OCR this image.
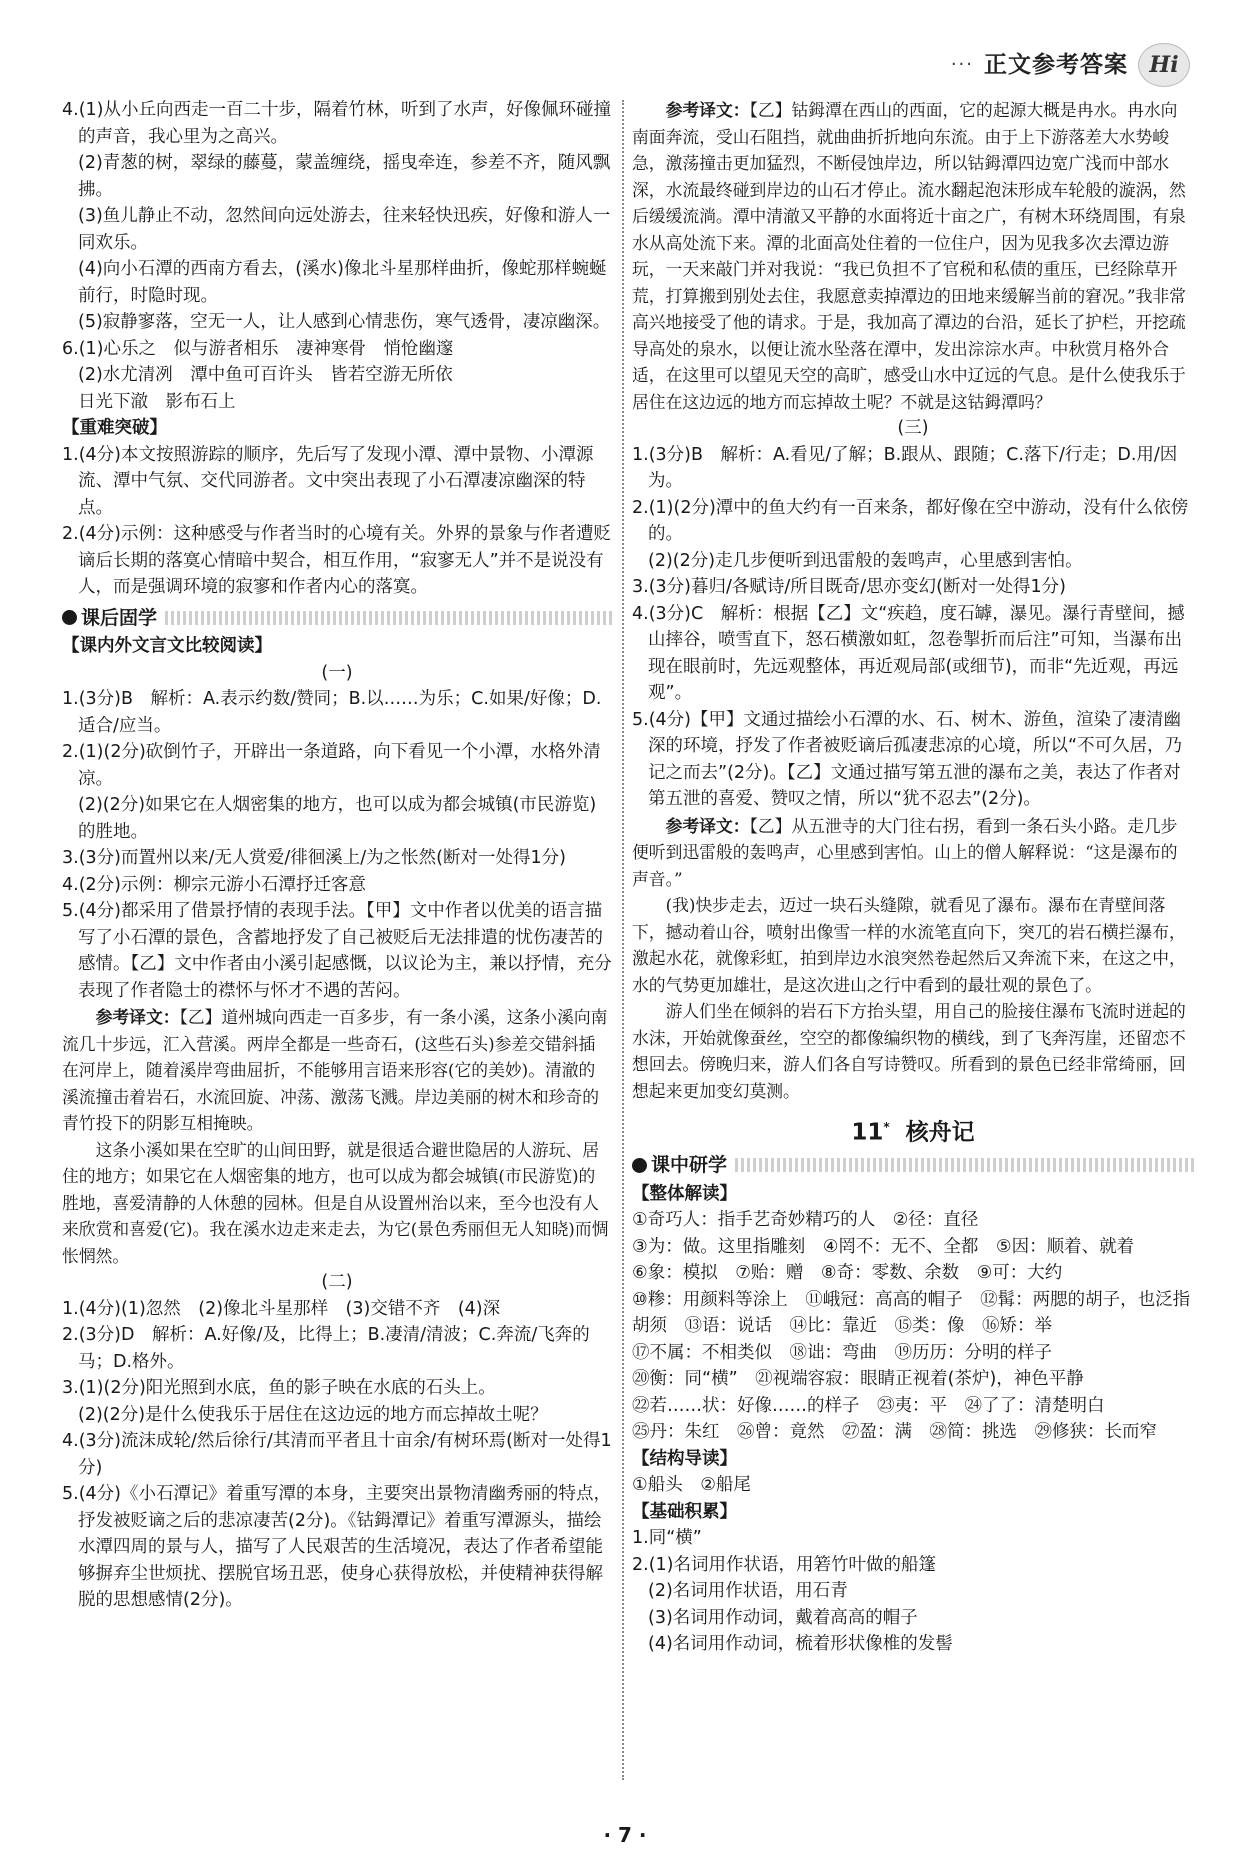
··· 正文参考答案 Hi

4.(1)从小丘向西走一百二十步，隔着竹林，听到了水声，好像佩环碰撞的声音，我心里为之高兴。

(2)青葱的树，翠绿的藤蔓，蒙盖缠绕，摇曳牵连，参差不齐，随风飘拂。

(3)鱼儿静止不动，忽然间向远处游去，往来轻快迅疾，好像和游人一同欢乐。

(4)向小石潭的西南方看去，(溪水)像北斗星那样曲折，像蛇那样蜿蜒前行，时隐时现。

(5)寂静寥落，空无一人，让人感到心情悲伤，寒气透骨，凄凉幽深。

6.(1)心乐之　似与游者相乐　凄神寒骨　悄怆幽邃

(2)水尤清冽　潭中鱼可百许头　皆若空游无所依

日光下澈　影布石上

【重难突破】

1.(4分)本文按照游踪的顺序，先后写了发现小潭、潭中景物、小潭源流、潭中气氛、交代同游者。文中突出表现了小石潭凄凉幽深的特点。

2.(4分)示例：这种感受与作者当时的心境有关。外界的景象与作者遭贬谪后长期的落寞心情暗中契合，相互作用，“寂寥无人”并不是说没有人，而是强调环境的寂寥和作者内心的落寞。

课后固学

【课内外文言文比较阅读】

(一)

1.(3分)B　解析：A.表示约数/赞同；B.以……为乐；C.如果/好像；D.适合/应当。

2.(1)(2分)砍倒竹子，开辟出一条道路，向下看见一个小潭，水格外清凉。

(2)(2分)如果它在人烟密集的地方，也可以成为都会城镇(市民游览)的胜地。

3.(3分)而置州以来/无人赏爱/徘徊溪上/为之怅然(断对一处得1分)

4.(2分)示例：柳宗元游小石潭抒迁客意

5.(4分)都采用了借景抒情的表现手法。【甲】文中作者以优美的语言描写了小石潭的景色，含蓄地抒发了自己被贬后无法排遣的忧伤凄苦的感情。【乙】文中作者由小溪引起感慨，以议论为主，兼以抒情，充分表现了作者隐士的襟怀与怀才不遇的苦闷。

参考译文：【乙】道州城向西走一百多步，有一条小溪，这条小溪向南流几十步远，汇入营溪。两岸全都是一些奇石，(这些石头)参差交错斜插在河岸上，随着溪岸弯曲屈折，不能够用言语来形容(它的美妙)。清澈的溪流撞击着岩石，水流回旋、冲荡、激荡飞溅。岸边美丽的树木和珍奇的青竹投下的阴影互相掩映。

这条小溪如果在空旷的山间田野，就是很适合避世隐居的人游玩、居住的地方；如果它在人烟密集的地方，也可以成为都会城镇(市民游览)的胜地，喜爱清静的人休憩的园林。但是自从设置州治以来，至今也没有人来欣赏和喜爱(它)。我在溪水边走来走去，为它(景色秀丽但无人知晓)而惆怅惘然。

(二)

1.(4分)(1)忽然　(2)像北斗星那样　(3)交错不齐　(4)深

2.(3分)D　解析：A.好像/及，比得上；B.凄清/清波；C.奔流/飞奔的马；D.格外。

3.(1)(2分)阳光照到水底，鱼的影子映在水底的石头上。

(2)(2分)是什么使我乐于居住在这边远的地方而忘掉故土呢？

4.(3分)流沫成轮/然后徐行/其清而平者且十亩余/有树环焉(断对一处得1分)

5.(4分)《小石潭记》着重写潭的本身，主要突出景物清幽秀丽的特点，抒发被贬谪之后的悲凉凄苦(2分)。《钴鉧潭记》着重写潭源头，描绘水潭四周的景与人，描写了人民艰苦的生活境况，表达了作者希望能够摒弃尘世烦扰、摆脱官场丑恶，使身心获得放松，并使精神获得解脱的思想感情(2分)。

参考译文：【乙】钴鉧潭在西山的西面，它的起源大概是冉水。冉水向南面奔流，受山石阻挡，就曲曲折折地向东流。由于上下游落差大水势峻急，激荡撞击更加猛烈，不断侵蚀岸边，所以钴鉧潭四边宽广浅而中部水深，水流最终碰到岸边的山石才停止。流水翻起泡沫形成车轮般的漩涡，然后缓缓流淌。潭中清澈又平静的水面将近十亩之广，有树木环绕周围，有泉水从高处流下来。潭的北面高处住着的一位住户，因为见我多次去潭边游玩，一天来敲门并对我说：“我已负担不了官税和私债的重压，已经除草开荒，打算搬到别处去住，我愿意卖掉潭边的田地来缓解当前的窘况。”我非常高兴地接受了他的请求。于是，我加高了潭边的台沿，延长了护栏，开挖疏导高处的泉水，以便让流水坠落在潭中，发出淙淙水声。中秋赏月格外合适，在这里可以望见天空的高旷，感受山水中辽远的气息。是什么使我乐于居住在这边远的地方而忘掉故土呢？不就是这钴鉧潭吗？

(三)

1.(3分)B　解析：A.看见/了解；B.跟从、跟随；C.落下/行走；D.用/因为。

2.(1)(2分)潭中的鱼大约有一百来条，都好像在空中游动，没有什么依傍的。

(2)(2分)走几步便听到迅雷般的轰鸣声，心里感到害怕。

3.(3分)暮归/各赋诗/所目既奇/思亦变幻(断对一处得1分)

4.(3分)C　解析：根据【乙】文“疾趋，度石罅，瀑见。瀑行青壁间，撼山摔谷，喷雪直下，怒石横激如虹，忽卷掣折而后注”可知，当瀑布出现在眼前时，先远观整体，再近观局部(或细节)，而非“先近观，再远观”。

5.(4分)【甲】文通过描绘小石潭的水、石、树木、游鱼，渲染了凄清幽深的环境，抒发了作者被贬谪后孤凄悲凉的心境，所以“不可久居，乃记之而去”(2分)。【乙】文通过描写第五泄的瀑布之美，表达了作者对第五泄的喜爱、赞叹之情，所以“犹不忍去”(2分)。

参考译文：【乙】从五泄寺的大门往右拐，看到一条石头小路。走几步便听到迅雷般的轰鸣声，心里感到害怕。山上的僧人解释说：“这是瀑布的声音。”

(我)快步走去，迈过一块石头缝隙，就看见了瀑布。瀑布在青壁间落下，撼动着山谷，喷射出像雪一样的水流笔直向下，突兀的岩石横拦瀑布，激起水花，就像彩虹，拍到岸边水浪突然卷起然后又奔流下来，在这之中，水的气势更加雄壮，是这次进山之行中看到的最壮观的景色了。

游人们坐在倾斜的岩石下方抬头望，用自己的脸接住瀑布飞流时迸起的水沫，开始就像蚕丝，空空的都像编织物的横线，到了飞奔泻崖，还留恋不想回去。傍晚归来，游人们各自写诗赞叹。所看到的景色已经非常绮丽，回想起来更加变幻莫测。

11* 核舟记
课中研学

【整体解读】

①奇巧人：指手艺奇妙精巧的人　②径：直径

③为：做。这里指雕刻　④罔不：无不、全都　⑤因：顺着、就着

⑥象：模拟　⑦贻：赠　⑧奇：零数、余数　⑨可：大约

⑩糁：用颜料等涂上　⑪峨冠：高高的帽子　⑫髯：两腮的胡子，也泛指胡须　⑬语：说话　⑭比：靠近　⑮类：像　⑯矫：举

⑰不属：不相类似　⑱诎：弯曲　⑲历历：分明的样子

⑳衡：同“横”　㉑视端容寂：眼睛正视着(茶炉)，神色平静

㉒若……状：好像……的样子　㉓夷：平　㉔了了：清楚明白

㉕丹：朱红　㉖曾：竟然　㉗盈：满　㉘简：挑选　㉙修狭：长而窄

【结构导读】

①船头　②船尾

【基础积累】

1.同“横”

2.(1)名词用作状语，用箬竹叶做的船篷

(2)名词用作状语，用石青

(3)名词用作动词，戴着高高的帽子

(4)名词用作动词，梳着形状像椎的发髻

· 7 ·
